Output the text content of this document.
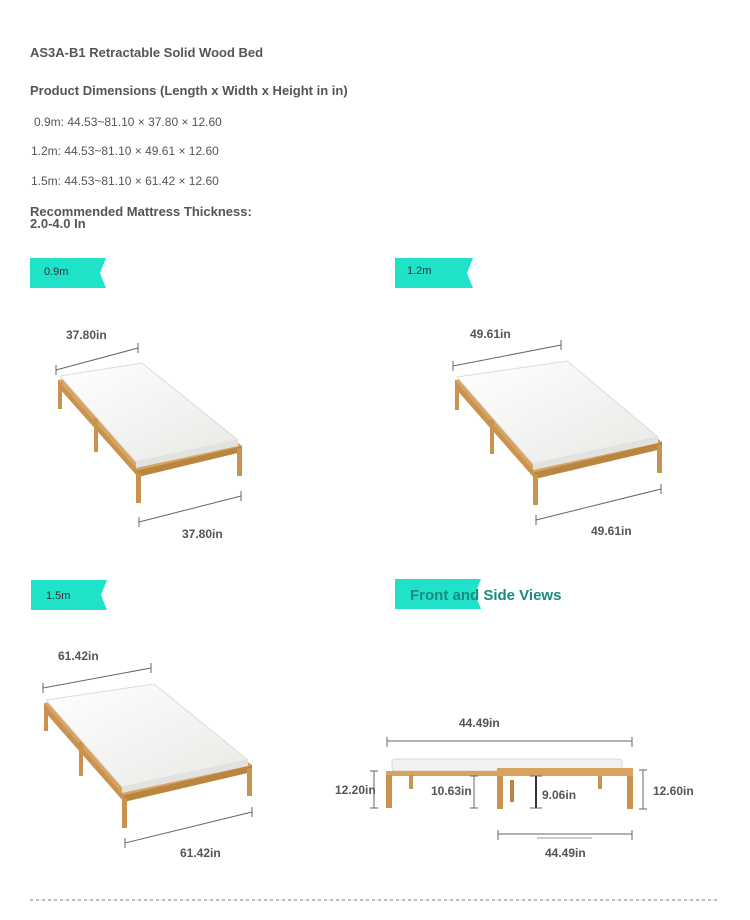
AS3A-B1 Retractable Solid Wood Bed
Product Dimensions (Length x Width x Height in in)
0.9m: 44.53~81.10 × 37.80 × 12.60
1.2m: 44.53~81.10 × 49.61 × 12.60
1.5m: 44.53~81.10 × 61.42 × 12.60
Recommended Mattress Thickness:
2.0-4.0 In
0.9m	1.2m
1.5m	Front and Side Views
37.80in
37.80in
49.61in
49.61in
61.42in
61.42in
44.49in
12.20in	10.63in	9.06in	12.60in
44.49in
